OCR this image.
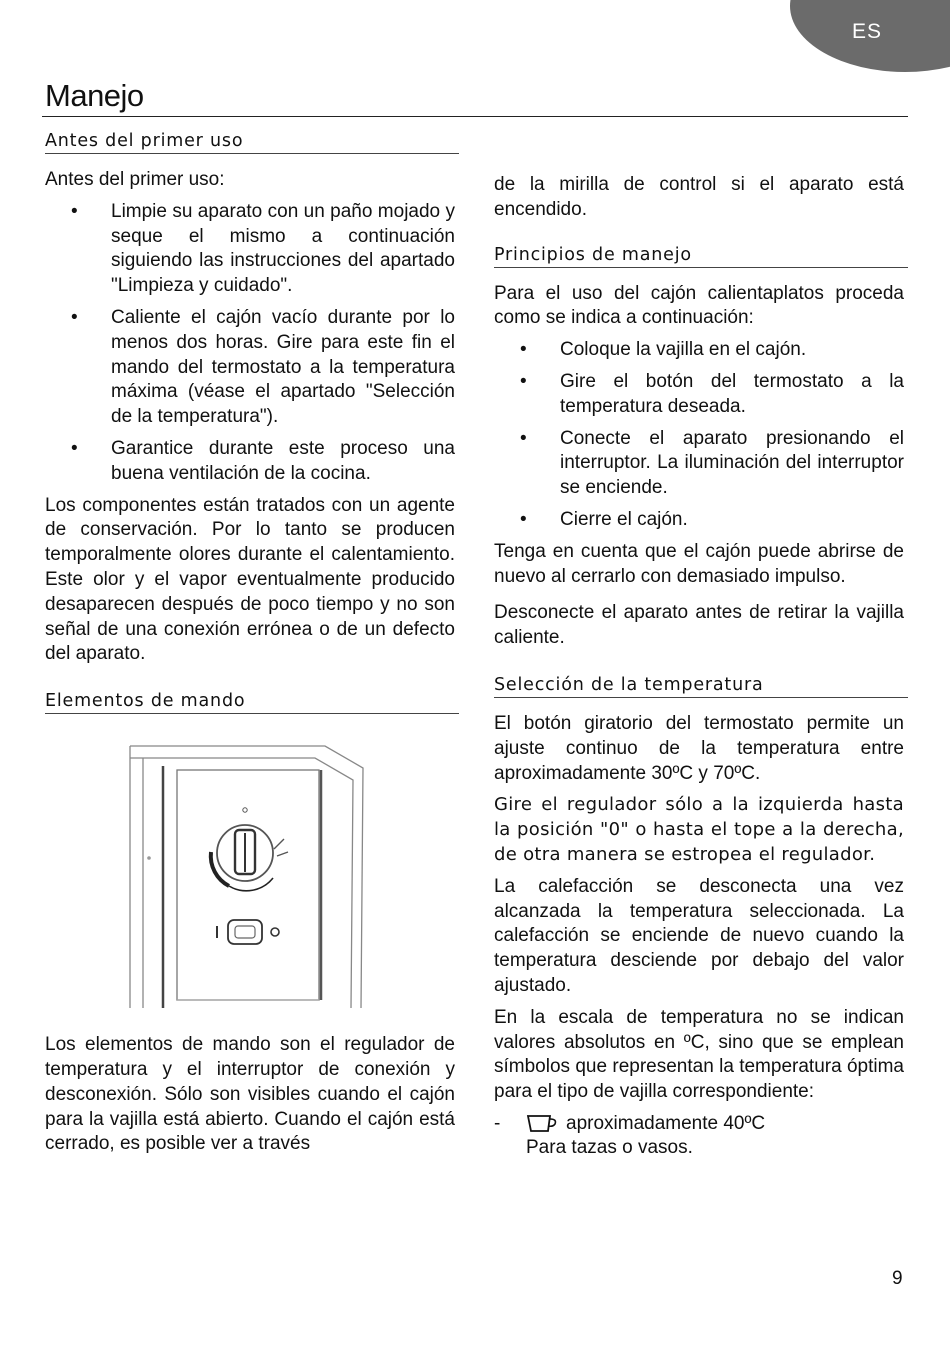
ES
Manejo
Antes del primer uso

Antes del primer uso:

• Limpie su aparato con un paño mojado y seque el mismo a continuación siguiendo las instrucciones del apartado "Limpieza y cuidado".
• Caliente el cajón vacío durante por lo menos dos horas. Gire para este fin el mando del termostato a la temperatura máxima (véase el apartado "Selección de la temperatura").
• Garantice durante este proceso una buena ventilación de la cocina.

Los componentes están tratados con un agente de conservación. Por lo tanto se producen temporalmente olores durante el calentamiento. Este olor y el vapor eventualmente producido desaparecen después de poco tiempo y no son señal de una conexión errónea o de un defecto del aparato.

Elementos de mando

Los elementos de mando son el regulador de temperatura y el interruptor de conexión y desconexión. Sólo son visibles cuando el cajón para la vajilla está abierto. Cuando el cajón está cerrado, es posible ver a través

de la mirilla de control si el aparato está encendido.

Principios de manejo

Para el uso del cajón calientaplatos proceda como se indica a continuación:

• Coloque la vajilla en el cajón.
• Gire el botón del termostato a la temperatura deseada.
• Conecte el aparato presionando el interruptor. La iluminación del interruptor se enciende.
• Cierre el cajón.

Tenga en cuenta que el cajón puede abrirse de nuevo al cerrarlo con demasiado impulso.

Desconecte el aparato antes de retirar la vajilla caliente.

Selección de la temperatura

El botón giratorio del termostato permite un ajuste continuo de la temperatura entre aproximadamente 30ºC y 70ºC.

Gire el regulador sólo a la izquierda hasta la posición "0" o hasta el tope a la derecha, de otra manera se estropea el regulador.

La calefacción se desconecta una vez alcanzada la temperatura seleccionada. La calefacción se enciende de nuevo cuando la temperatura desciende por debajo del valor ajustado.

En la escala de temperatura no se indican valores absolutos en ºC, sino que se emplean símbolos que representan la temperatura óptima para el tipo de vajilla correspondiente:

-	aproximadamente 40ºC
Para tazas o vasos.
9
